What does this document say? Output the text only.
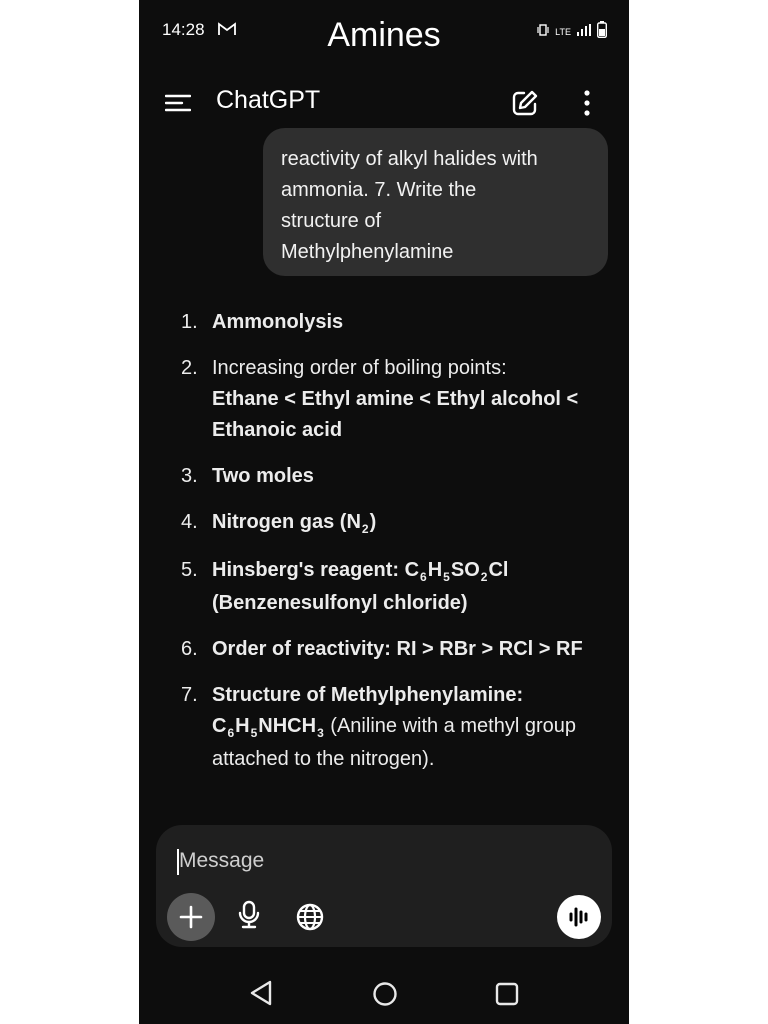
14:28	LTE
Amines
ChatGPT
reactivity of alkyl halides with
ammonia. 7. Write the
structure of
Methylphenylamine
1. Ammonolysis
2. Increasing order of boiling points:
Ethane < Ethyl amine < Ethyl alcohol < Ethanoic acid
3. Two moles
4. Nitrogen gas $(N_2)$
5. Hinsberg's reagent: $C_6H_5SO_2Cl$
(Benzenesulfonyl chloride)
6. Order of reactivity: RI > RBr > RCl > RF
7. Structure of Methylphenylamine:
$C_6H_5NHCH_3$ (Aniline with a methyl group attached to the nitrogen).
Message
